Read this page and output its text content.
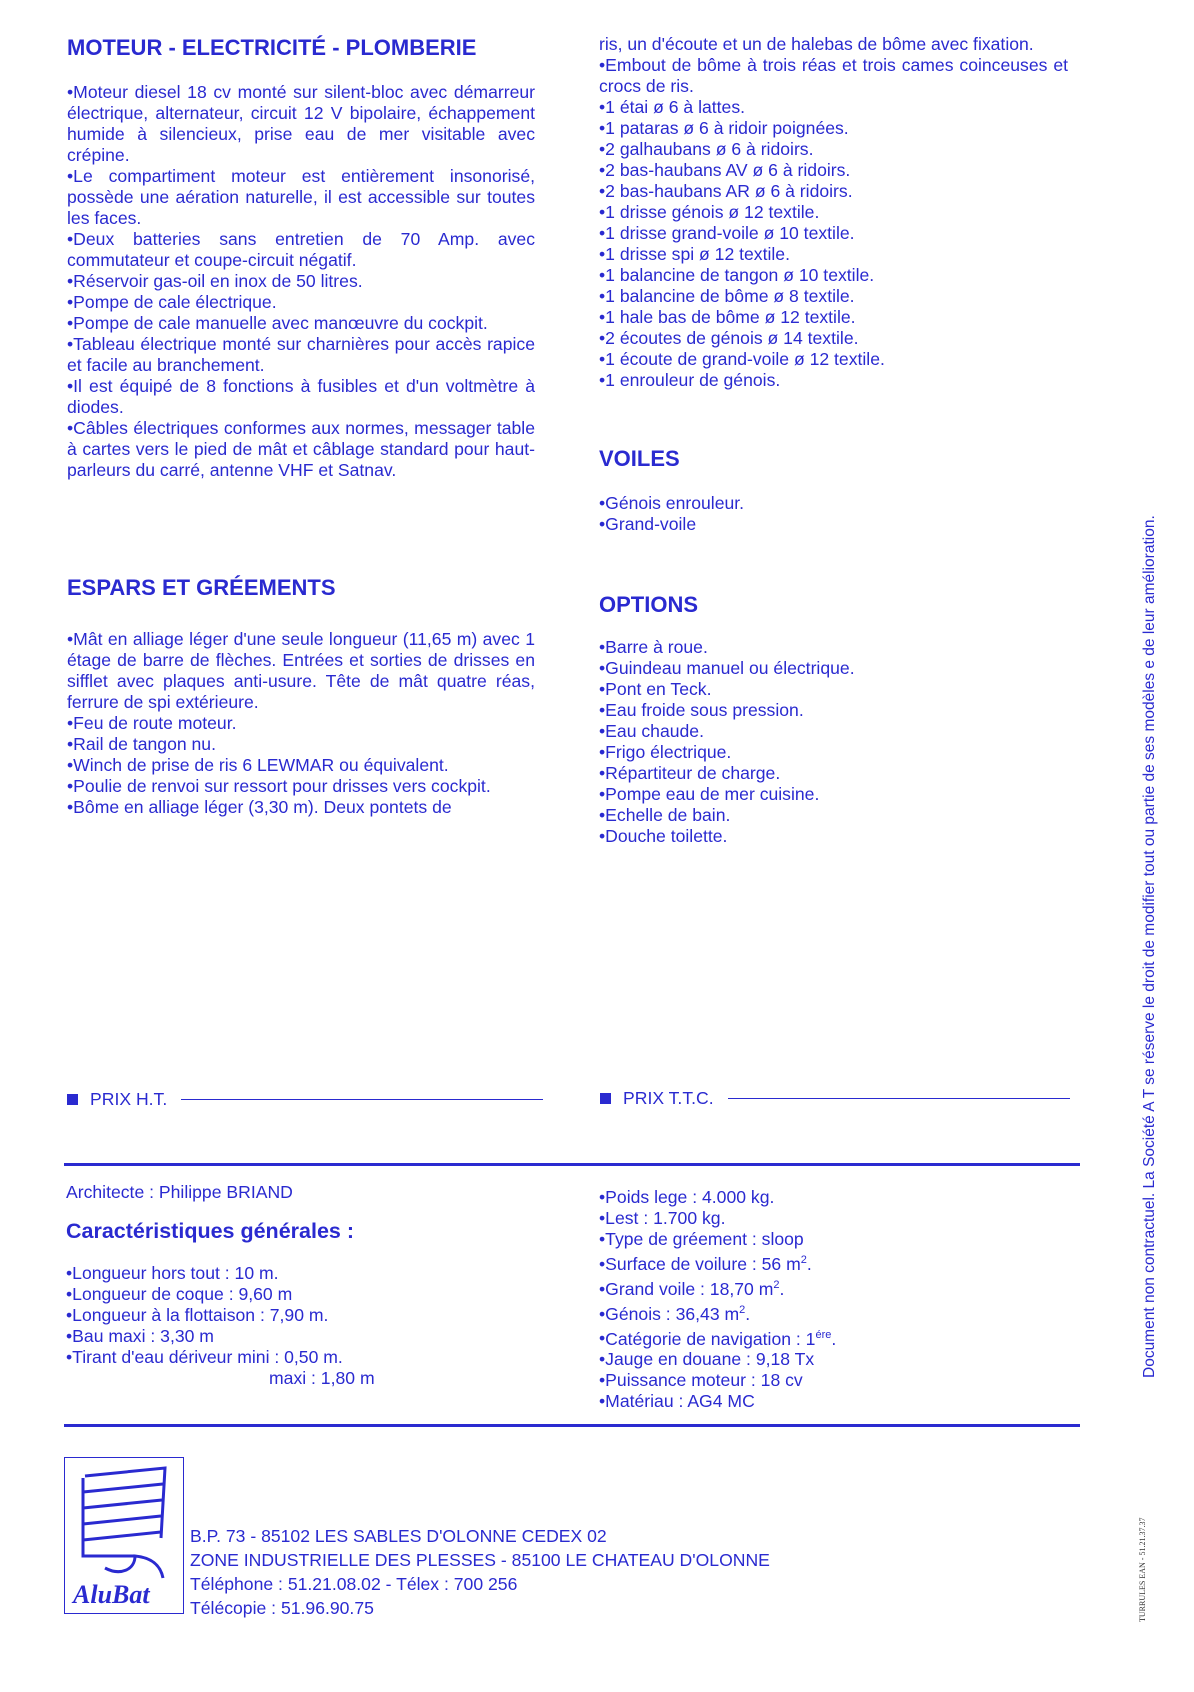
MOTEUR - ELECTRICITÉ - PLOMBERIE
• Moteur diesel 18 cv monté sur silent-bloc avec démarreur électrique, alternateur, circuit 12 V bipolaire, échappement humide à silencieux, prise eau de mer visitable avec crépine.
• Le compartiment moteur est entièrement insonorisé, possède une aération naturelle, il est accessible sur toutes les faces.
• Deux batteries sans entretien de 70 Amp. avec commutateur et coupe-circuit négatif.
• Réservoir gas-oil en inox de 50 litres.
• Pompe de cale électrique.
• Pompe de cale manuelle avec manœuvre du cockpit.
• Tableau électrique monté sur charnières pour accès rapice et facile au branchement.
• Il est équipé de 8 fonctions à fusibles et d'un voltmètre à diodes.
• Câbles électriques conformes aux normes, messager table à cartes vers le pied de mât et câblage standard pour haut-parleurs du carré, antenne VHF et Satnav.
ESPARS ET GRÉEMENTS
• Mât en alliage léger d'une seule longueur (11,65 m) avec 1 étage de barre de flèches. Entrées et sorties de drisses en sifflet avec plaques anti-usure. Tête de mât quatre réas, ferrure de spi extérieure.
• Feu de route moteur.
• Rail de tangon nu.
• Winch de prise de ris 6 LEWMAR ou équivalent.
• Poulie de renvoi sur ressort pour drisses vers cockpit.
• Bôme en alliage léger (3,30 m). Deux pontets de

ris, un d'écoute et un de halebas de bôme avec fixation.

• Embout de bôme à trois réas et trois cames coinceuses et crocs de ris.
• 1 étai ø 6 à lattes.
• 1 pataras ø 6 à ridoir poignées.
• 2 galhaubans ø 6 à ridoirs.
• 2 bas-haubans AV ø 6 à ridoirs.
• 2 bas-haubans AR ø 6 à ridoirs.
• 1 drisse génois ø 12 textile.
• 1 drisse grand-voile ø 10 textile.
• 1 drisse spi ø 12 textile.
• 1 balancine de tangon ø 10 textile.
• 1 balancine de bôme ø 8 textile.
• 1 hale bas de bôme ø 12 textile.
• 2 écoutes de génois ø 14 textile.
• 1 écoute de grand-voile ø 12 textile.
• 1 enrouleur de génois.
VOILES
• Génois enrouleur.
• Grand-voile
OPTIONS
• Barre à roue.
• Guindeau manuel ou électrique.
• Pont en Teck.
• Eau froide sous pression.
• Eau chaude.
• Frigo électrique.
• Répartiteur de charge.
• Pompe eau de mer cuisine.
• Echelle de bain.
• Douche toilette.
PRIX H.T.	PRIX T.T.C.

Architecte : Philippe BRIAND

Caractéristiques générales :
• Longueur hors tout : 10 m.
• Longueur de coque : 9,60 m
• Longueur à la flottaison : 7,90 m.
• Bau maxi : 3,30 m
• Tirant d'eau dériveur mini : 0,50 m.

maxi : 1,80 m

• Poids lege : 4.000 kg.
• Lest : 1.700 kg.
• Type de gréement : sloop
• Surface de voilure : 56 $m^2$.
• Grand voile : 18,70 $m^2$.
• Génois : 36,43 $m^2$.
• Catégorie de navigation : $1^{ére}$.
• Jauge en douane : 9,18 Tx
• Puissance moteur : 18 cv
• Matériau : AG4 MC
AluBat
B.P. 73 - 85102 LES SABLES D'OLONNE CEDEX 02
ZONE INDUSTRIELLE DES PLESSES - 85100 LE CHATEAU D'OLONNE
Téléphone : 51.21.08.02 - Télex : 700 256
Télécopie : 51.96.90.75
Document non contractuel. La Société A T se réserve le droit de modifier tout ou partie de ses modèles e de leur amélioration.
TURRULES EAN - 51.21.37.37
